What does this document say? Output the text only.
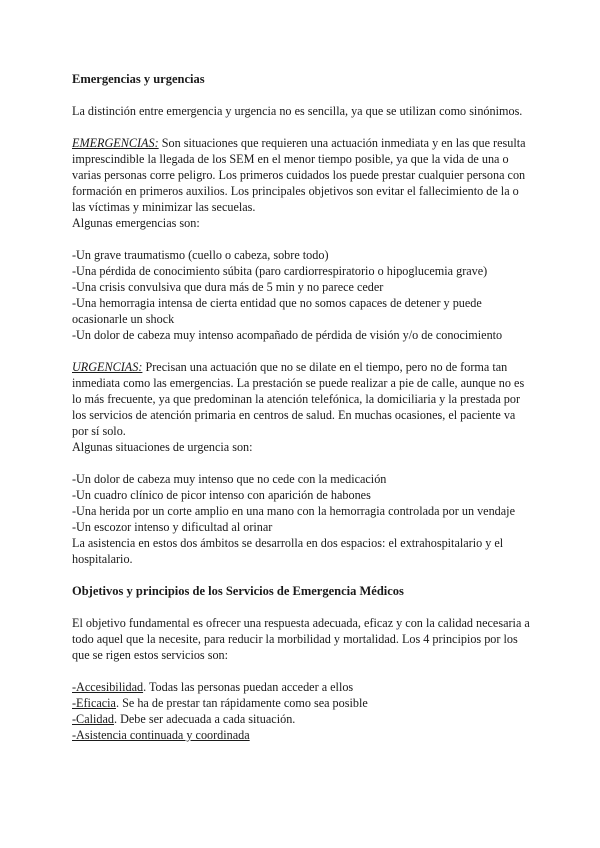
Emergencias y urgencias

La distinción entre emergencia y urgencia no es sencilla, ya que se utilizan como sinónimos.

EMERGENCIAS: Son situaciones que requieren una actuación inmediata y en las que resulta imprescindible la llegada de los SEM en el menor tiempo posible, ya que la vida de una o varias personas corre peligro. Los primeros cuidados los puede prestar cualquier persona con formación en primeros auxilios. Los principales objetivos son evitar el fallecimiento de la o las víctimas y minimizar las secuelas.

Algunas emergencias son:

-Un grave traumatismo (cuello o cabeza, sobre todo)
-Una pérdida de conocimiento súbita (paro cardiorrespiratorio o hipoglucemia grave)
-Una crisis convulsiva que dura más de 5 min y no parece ceder
-Una hemorragia intensa de cierta entidad que no somos capaces de detener y puede ocasionarle un shock
-Un dolor de cabeza muy intenso acompañado de pérdida de visión y/o de conocimiento

URGENCIAS: Precisan una actuación que no se dilate en el tiempo, pero no de forma tan inmediata como las emergencias. La prestación se puede realizar a pie de calle, aunque no es lo más frecuente, ya que predominan la atención telefónica, la domiciliaria y la prestada por los servicios de atención primaria en centros de salud. En muchas ocasiones, el paciente va por sí solo.

Algunas situaciones de urgencia son:

-Un dolor de cabeza muy intenso que no cede con la medicación
-Un cuadro clínico de picor intenso con aparición de habones
-Una herida por un corte amplio en una mano con la hemorragia controlada por un vendaje
-Un escozor intenso y dificultad al orinar

La asistencia en estos dos ámbitos se desarrolla en dos espacios: el extrahospitalario y el hospitalario.

Objetivos y principios de los Servicios de Emergencia Médicos

El objetivo fundamental es ofrecer una respuesta adecuada, eficaz y con la calidad necesaria a todo aquel que la necesite, para reducir la morbilidad y mortalidad. Los 4 principios por los que se rigen estos servicios son:

-Accesibilidad. Todas las personas puedan acceder a ellos
-Eficacia. Se ha de prestar tan rápidamente como sea posible
-Calidad. Debe ser adecuada a cada situación.
-Asistencia continuada y coordinada
